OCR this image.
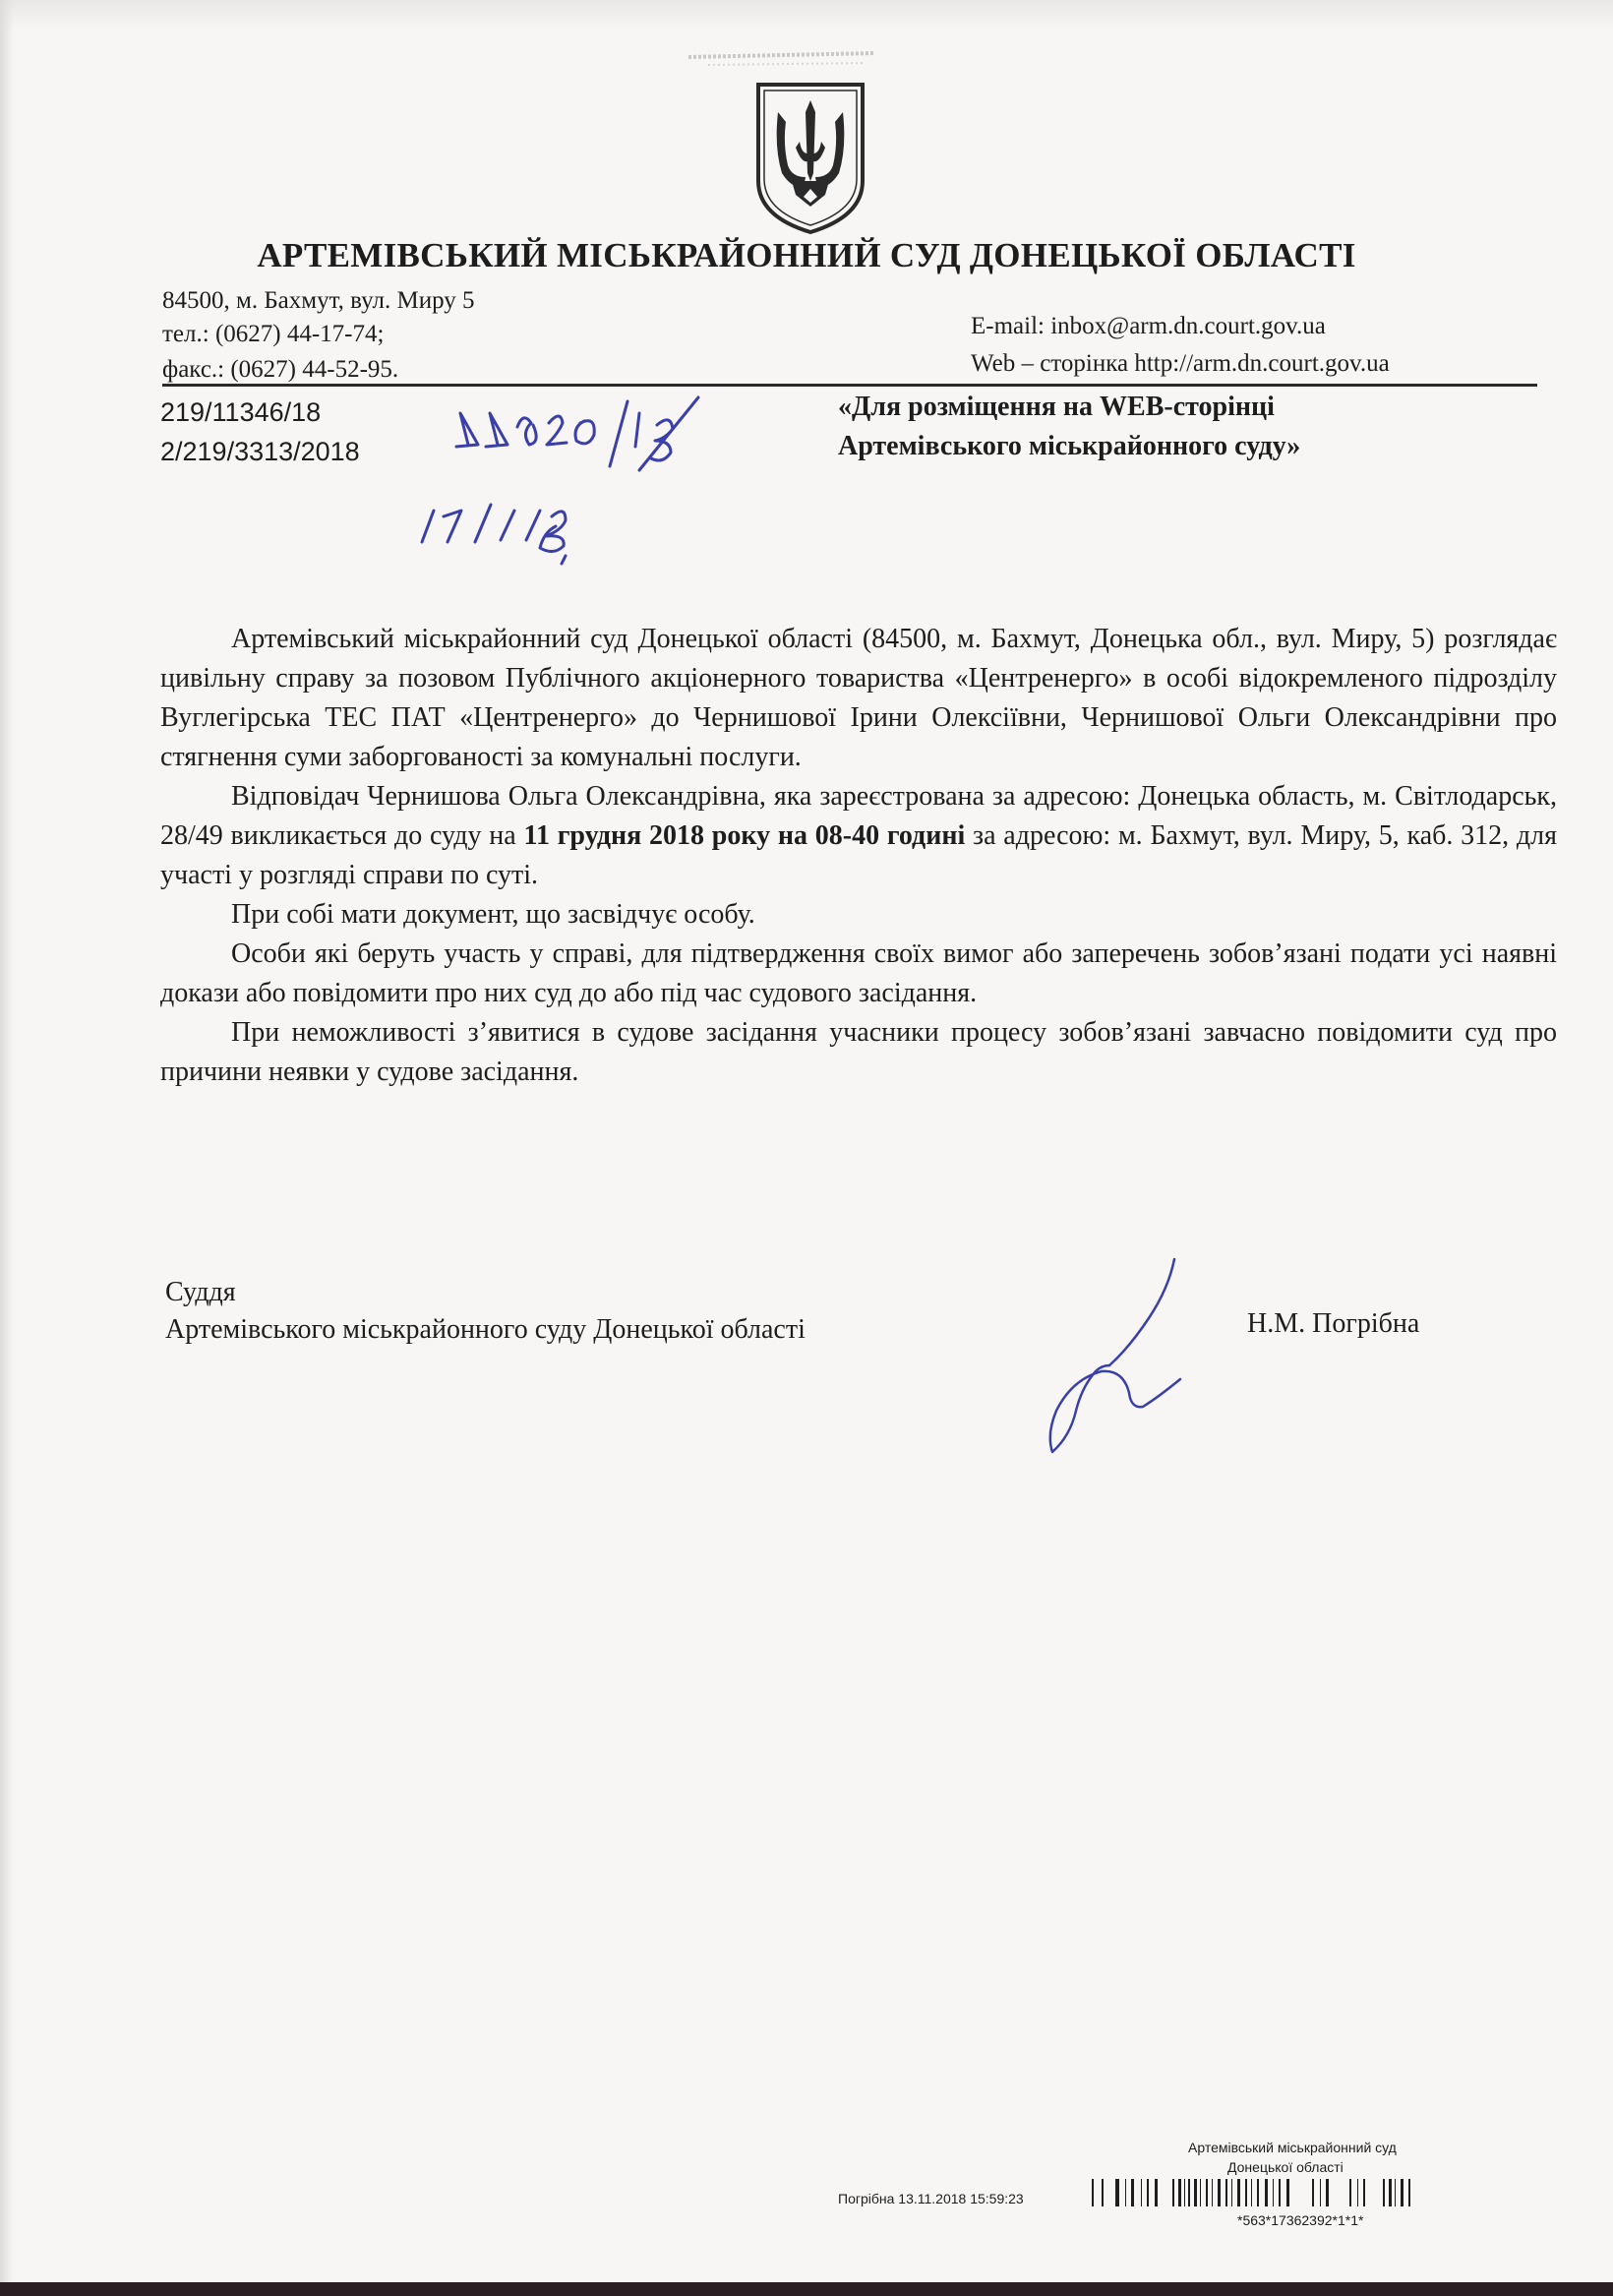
АРТЕМІВСЬКИЙ МІСЬКРАЙОННИЙ СУД ДОНЕЦЬКОЇ ОБЛАСТІ
84500, м. Бахмут, вул. Миру 5
тел.: (0627) 44-17-74;
факс.: (0627) 44-52-95.
E-mail: inbox@arm.dn.court.gov.ua
Web – сторінка http://arm.dn.court.gov.ua
219/11346/18
2/219/3313/2018
«Для розміщення на WEB-сторінці
Артемівського міськрайонного суду»

Артемівський міськрайонний суд Донецької області (84500, м. Бахмут, Донецька обл., вул. Миру, 5) розглядає цивільну справу за позовом Публічного акціонерного товариства «Центренерго» в особі відокремленого підрозділу Вуглегірська ТЕС ПАТ «Центренерго» до Чернишової Ірини Олексіївни, Чернишової Ольги Олександрівни про стягнення суми заборгованості за комунальні послуги.

Відповідач Чернишова Ольга Олександрівна, яка зареєстрована за адресою: Донецька область, м. Світлодарськ, 28/49 викликається до суду на 11 грудня 2018 року на 08-40 годині за адресою: м. Бахмут, вул. Миру, 5, каб. 312, для участі у розгляді справи по суті.

При собі мати документ, що засвідчує особу.

Особи які беруть участь у справі, для підтвердження своїх вимог або заперечень зобов’язані подати усі наявні докази або повідомити про них суд до або під час судового засідання.

При неможливості з’явитися в судове засідання учасники процесу зобов’язані завчасно повідомити суд про причини неявки у судове засідання.

Суддя
Артемівського міськрайонного суду Донецької області	Н.М. Погрібна
Артемівський міськрайонний суд
Донецької області
Погрібна 13.11.2018 15:59:23
*563*17362392*1*1*
